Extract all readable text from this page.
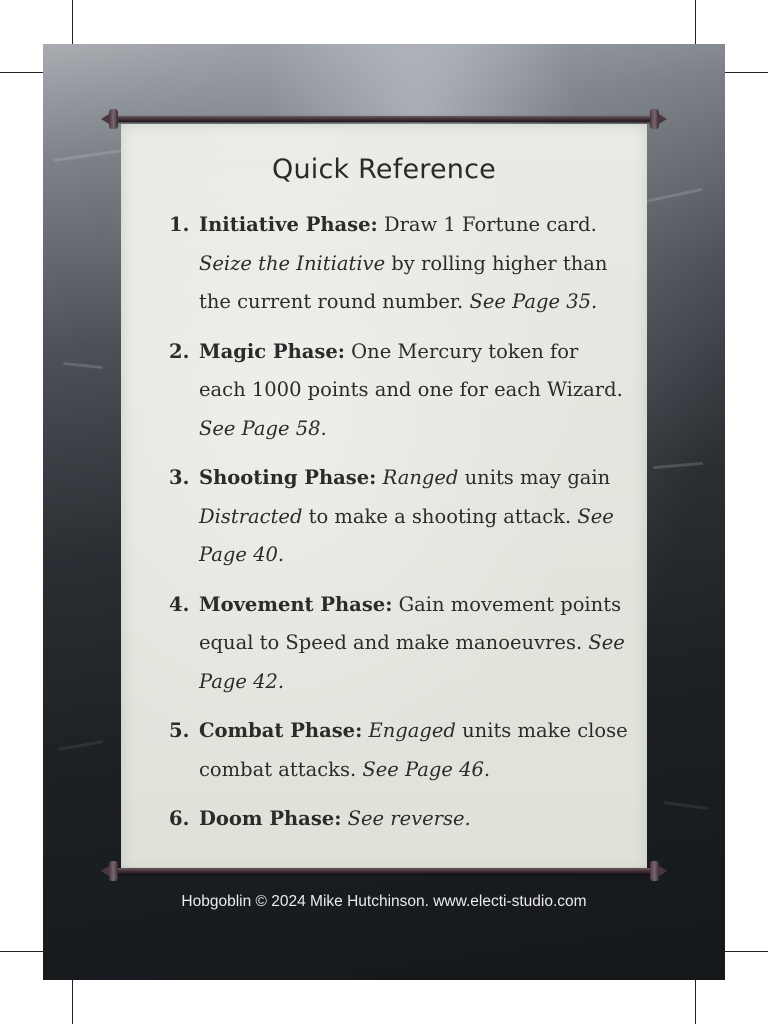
Quick Reference
1. Initiative Phase: Draw 1 Fortune card. Seize the Initiative by rolling higher than the current round number. See Page 35.
2. Magic Phase: One Mercury token for each 1000 points and one for each Wizard. See Page 58.
3. Shooting Phase: Ranged units may gain Distracted to make a shooting attack. See Page 40.
4. Movement Phase: Gain movement points equal to Speed and make manoeuvres. See Page 42.
5. Combat Phase: Engaged units make close combat attacks. See Page 46.
6. Doom Phase: See reverse.
Hobgoblin © 2024 Mike Hutchinson. www.electi-studio.com
